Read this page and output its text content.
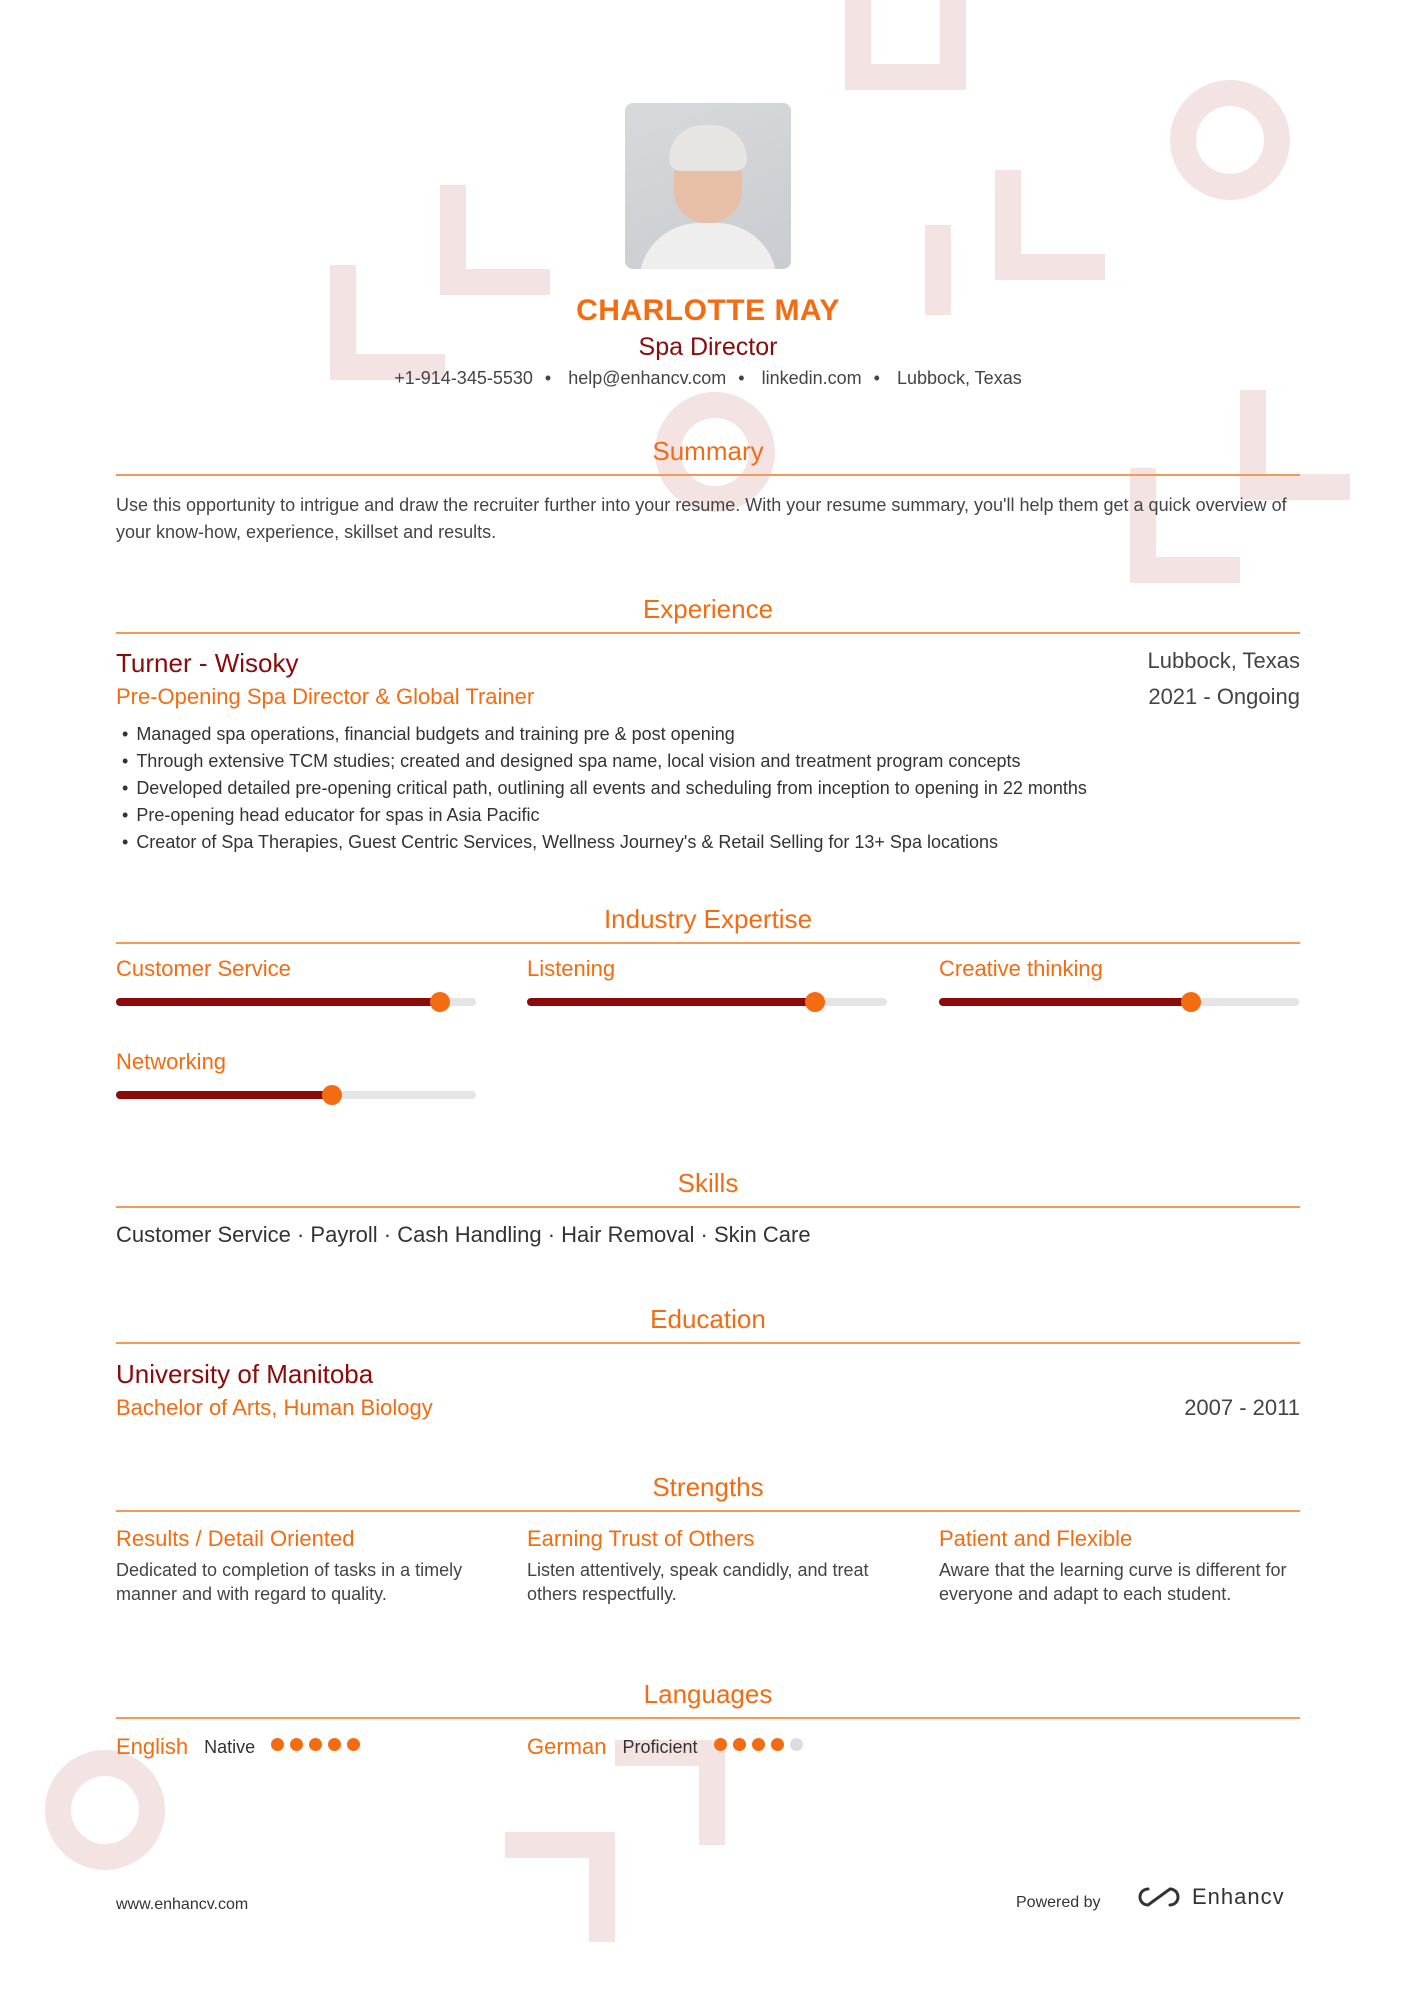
CHARLOTTE MAY
Spa Director
+1-914-345-5530 • help@enhancv.com • linkedin.com • Lubbock, Texas
Summary
Use this opportunity to intrigue and draw the recruiter further into your resume. With your resume summary, you'll help them get a quick overview of your know-how, experience, skillset and results.
Experience
Turner - Wisoky	Lubbock, Texas
Pre-Opening Spa Director & Global Trainer	2021 - Ongoing
• Managed spa operations, financial budgets and training pre & post opening
• Through extensive TCM studies; created and designed spa name, local vision and treatment program concepts
• Developed detailed pre-opening critical path, outlining all events and scheduling from inception to opening in 22 months
• Pre-opening head educator for spas in Asia Pacific
• Creator of Spa Therapies, Guest Centric Services, Wellness Journey's & Retail Selling for 13+ Spa locations
Industry Expertise
Customer Service	Listening	Creative thinking
Networking
Skills
Customer Service · Payroll · Cash Handling · Hair Removal · Skin Care
Education
University of Manitoba
Bachelor of Arts, Human Biology	2007 - 2011
Strengths
Results / Detail Oriented
Dedicated to completion of tasks in a timely manner and with regard to quality.
Earning Trust of Others
Listen attentively, speak candidly, and treat others respectfully.
Patient and Flexible
Aware that the learning curve is different for everyone and adapt to each student.
Languages
English Native	German Proficient
www.enhancv.com	Powered by	Enhancv
